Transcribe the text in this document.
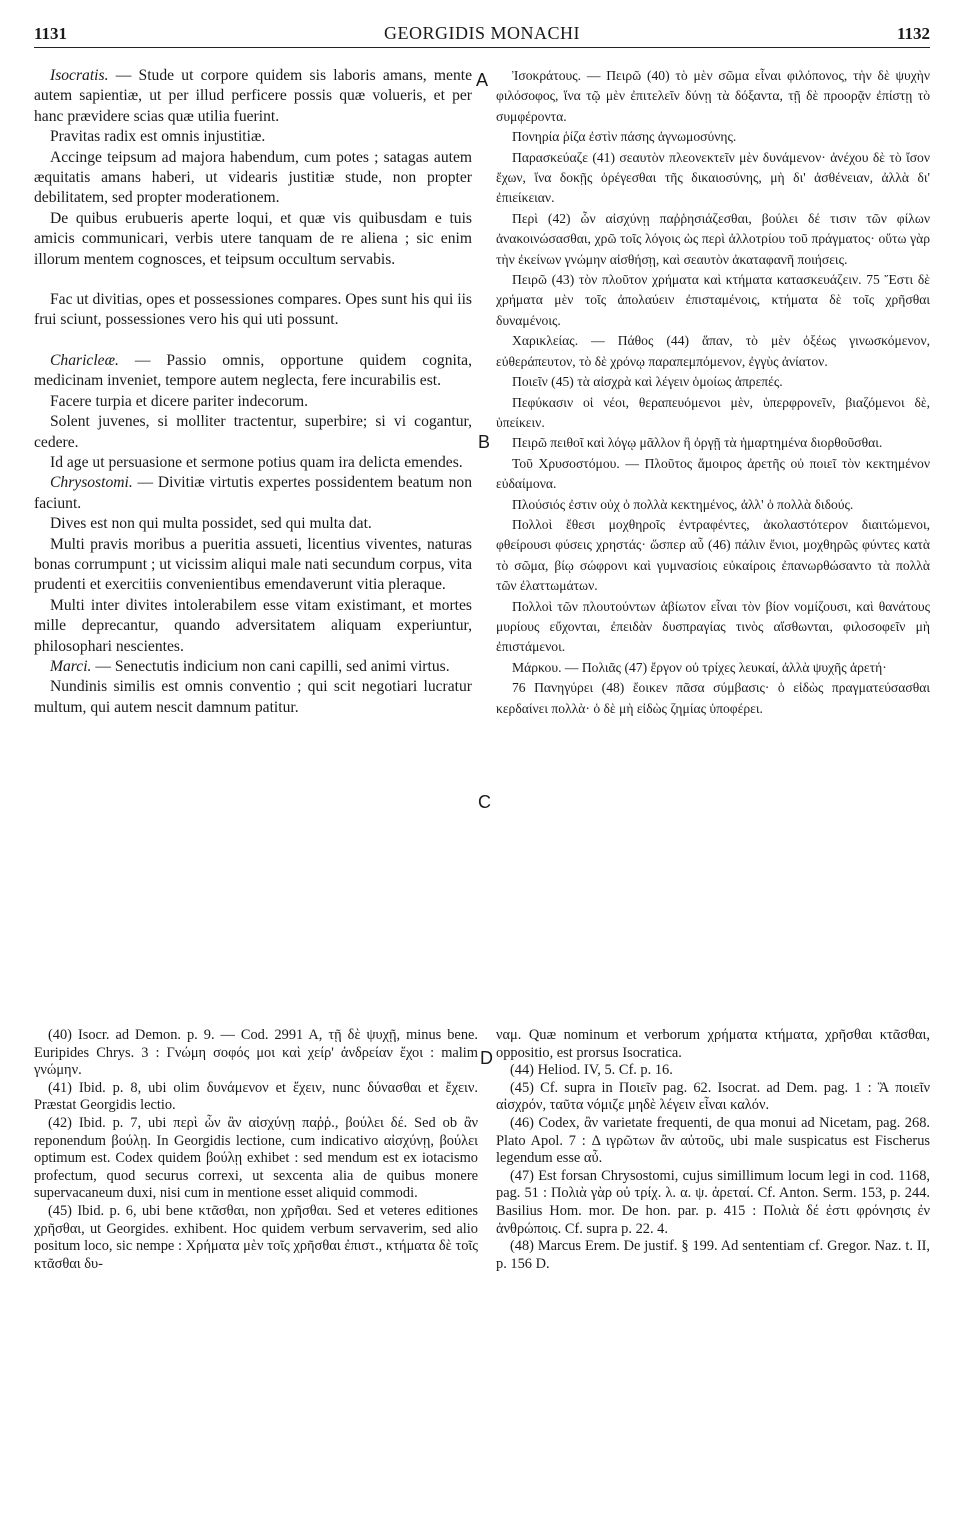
1131	GEORGIDIS MONACHI	1132
A
B
C
D

Isocratis. — Stude ut corpore quidem sis laboris amans, mente autem sapientiæ, ut per illud perficere possis quæ volueris, et per hanc prævidere scias quæ utilia fuerint.

Pravitas radix est omnis injustitiæ.

Accinge teipsum ad majora habendum, cum potes ; satagas autem æquitatis amans haberi, ut videaris justitiæ stude, non propter debilitatem, sed propter moderationem.

De quibus erubueris aperte loqui, et quæ vis quibusdam e tuis amicis communicari, verbis utere tanquam de re aliena ; sic enim illorum mentem cognosces, et teipsum occultum servabis.

Fac ut divitias, opes et possessiones compares. Opes sunt his qui iis frui sciunt, possessiones vero his qui uti possunt.

Charicleæ. — Passio omnis, opportune quidem cognita, medicinam inveniet, tempore autem neglecta, fere incurabilis est.

Facere turpia et dicere pariter indecorum.

Solent juvenes, si molliter tractentur, superbire; si vi cogantur, cedere.

Id age ut persuasione et sermone potius quam ira delicta emendes.

Chrysostomi. — Divitiæ virtutis expertes possidentem beatum non faciunt.

Dives est non qui multa possidet, sed qui multa dat.

Multi pravis moribus a pueritia assueti, licentius viventes, naturas bonas corrumpunt ; ut vicissim aliqui male nati secundum corpus, vita prudenti et exercitiis convenientibus emendaverunt vitia pleraque.

Multi inter divites intolerabilem esse vitam existimant, et mortes mille deprecantur, quando adversitatem aliquam experiuntur, philosophari nescientes.

Marci. — Senectutis indicium non cani capilli, sed animi virtus.

Nundinis similis est omnis conventio ; qui scit negotiari lucratur multum, qui autem nescit damnum patitur.

Ἰσοκράτους. — Πειρῶ (40) τὸ μὲν σῶμα εἶναι φιλόπονος, τὴν δὲ ψυχὴν φιλόσοφος, ἵνα τῷ μὲν ἐπιτελεῖν δύνῃ τὰ δόξαντα, τῇ δὲ προορᾷν ἐπίστῃ τὸ συμφέροντα.

Πονηρία ῥίζα ἐστὶν πάσης ἀγνωμοσύνης.

Παρασκεύαζε (41) σεαυτὸν πλεονεκτεῖν μὲν δυνάμενον· ἀνέχου δὲ τὸ ἴσον ἔχων, ἵνα δοκῇς ὀρέγεσθαι τῆς δικαιοσύνης, μὴ δι' ἀσθένειαν, ἀλλὰ δι' ἐπιείκειαν.

Περὶ (42) ὧν αἰσχύνῃ παῤῥησιάζεσθαι, βούλει δέ τισιν τῶν φίλων ἀνακοινώσασθαι, χρῶ τοῖς λόγοις ὡς περὶ ἀλλοτρίου τοῦ πράγματος· οὕτω γὰρ τὴν ἐκείνων γνώμην αἰσθήσῃ, καὶ σεαυτὸν ἀκαταφανῆ ποιήσεις.

Πειρῶ (43) τὸν πλοῦτον χρήματα καὶ κτήματα κατασκευάζειν. 75 Ἔστι δὲ χρήματα μὲν τοῖς ἀπολαύειν ἐπισταμένοις, κτήματα δὲ τοῖς χρῆσθαι δυναμένοις.

Χαρικλείας. — Πάθος (44) ἅπαν, τὸ μὲν ὀξέως γινωσκόμενον, εὐθεράπευτον, τὸ δὲ χρόνῳ παραπεμπόμενον, ἐγγὺς ἀνίατον.

Ποιεῖν (45) τὰ αἰσχρὰ καὶ λέγειν ὁμοίως ἀπρεπές.

Πεφύκασιν οἱ νέοι, θεραπευόμενοι μὲν, ὑπερφρονεῖν, βιαζόμενοι δὲ, ὑπείκειν.

Πειρῶ πειθοῖ καὶ λόγῳ μᾶλλον ἢ ὀργῇ τὰ ἡμαρτημένα διορθοῦσθαι.

Τοῦ Χρυσοστόμου. — Πλοῦτος ἄμοιρος ἀρετῆς οὐ ποιεῖ τὸν κεκτημένον εὐδαίμονα.

Πλούσιός ἐστιν οὐχ ὁ πολλὰ κεκτημένος, ἀλλ' ὁ πολλὰ διδούς.

Πολλοὶ ἔθεσι μοχθηροῖς ἐντραφέντες, ἀκολαστότερον διαιτώμενοι, φθείρουσι φύσεις χρηστάς· ὥσπερ αὖ (46) πάλιν ἔνιοι, μοχθηρῶς φύντες κατὰ τὸ σῶμα, βίῳ σώφρονι καὶ γυμνασίοις εὐκαίροις ἐπανωρθώσαντο τὰ πολλὰ τῶν ἐλαττωμάτων.

Πολλοὶ τῶν πλουτούντων ἀβίωτον εἶναι τὸν βίον νομίζουσι, καὶ θανάτους μυρίους εὔχονται, ἐπειδὰν δυσπραγίας τινὸς αἴσθωνται, φιλοσοφεῖν μὴ ἐπιστάμενοι.

Μάρκου. — Πολιᾶς (47) ἔργον οὐ τρίχες λευκαί, ἀλλὰ ψυχῆς ἀρετή·

76 Πανηγύρει (48) ἔοικεν πᾶσα σύμβασις· ὁ εἰδὼς πραγματεύσασθαι κερδαίνει πολλὰ· ὁ δὲ μὴ εἰδὼς ζημίας ὑποφέρει.

(40) Isocr. ad Demon. p. 9. — Cod. 2991 A, τῇ δὲ ψυχῇ, minus bene. Euripides Chrys. 3 : Γνώμη σοφός μοι καὶ χείρ' ἀνδρείαν ἔχοι : malim γνώμην.

(41) Ibid. p. 8, ubi olim δυνάμενον et ἔχειν, nunc δύνασθαι et ἔχειν. Præstat Georgidis lectio.

(42) Ibid. p. 7, ubi περὶ ὧν ἂν αἰσχύνῃ παῤῥ., βούλει δέ. Sed ob ἂν reponendum βούλῃ. In Georgidis lectione, cum indicativo αἰσχύνῃ, βούλει optimum est. Codex quidem βούλῃ exhibet : sed mendum est ex iotacismo profectum, quod securus correxi, ut sexcenta alia de quibus monere supervacaneum duxi, nisi cum in mentione esset aliquid commodi.

(45) Ibid. p. 6, ubi bene κτᾶσθαι, non χρῆσθαι. Sed et veteres editiones χρῆσθαι, ut Georgides. exhibent. Hoc quidem verbum servaverim, sed alio positum loco, sic nempe : Χρήματα μὲν τοῖς χρῆσθαι ἐπιστ., κτήματα δὲ τοῖς κτᾶσθαι δυ-

ναμ. Quæ nominum et verborum χρήματα κτήματα, χρῆσθαι κτᾶσθαι, oppositio, est prorsus Isocratica.

(44) Heliod. IV, 5. Cf. p. 16.

(45) Cf. supra in Ποιεῖν pag. 62. Isocrat. ad Dem. pag. 1 : Ἃ ποιεῖν αἰσχρόν, ταῦτα νόμιζε μηδὲ λέγειν εἶναι καλόν.

(46) Codex, ἂν varietate frequenti, de qua monui ad Nicetam, pag. 268. Plato Apol. 7 : Δ ιγρῶτων ἂν αὐτοῦς, ubi male suspicatus est Fischerus legendum esse αὖ.

(47) Est forsan Chrysostomi, cujus simillimum locum legi in cod. 1168, pag. 51 : Πολιὰ γὰρ οὐ τρίχ. λ. α. ψ. ἀρεταί. Cf. Anton. Serm. 153, p. 244. Basilius Hom. mor. De hon. par. p. 415 : Πολιὰ δέ ἐστι φρόνησις ἐν ἀνθρώποις. Cf. supra p. 22. 4.

(48) Marcus Erem. De justif. § 199. Ad sententiam cf. Gregor. Naz. t. II, p. 156 D.
